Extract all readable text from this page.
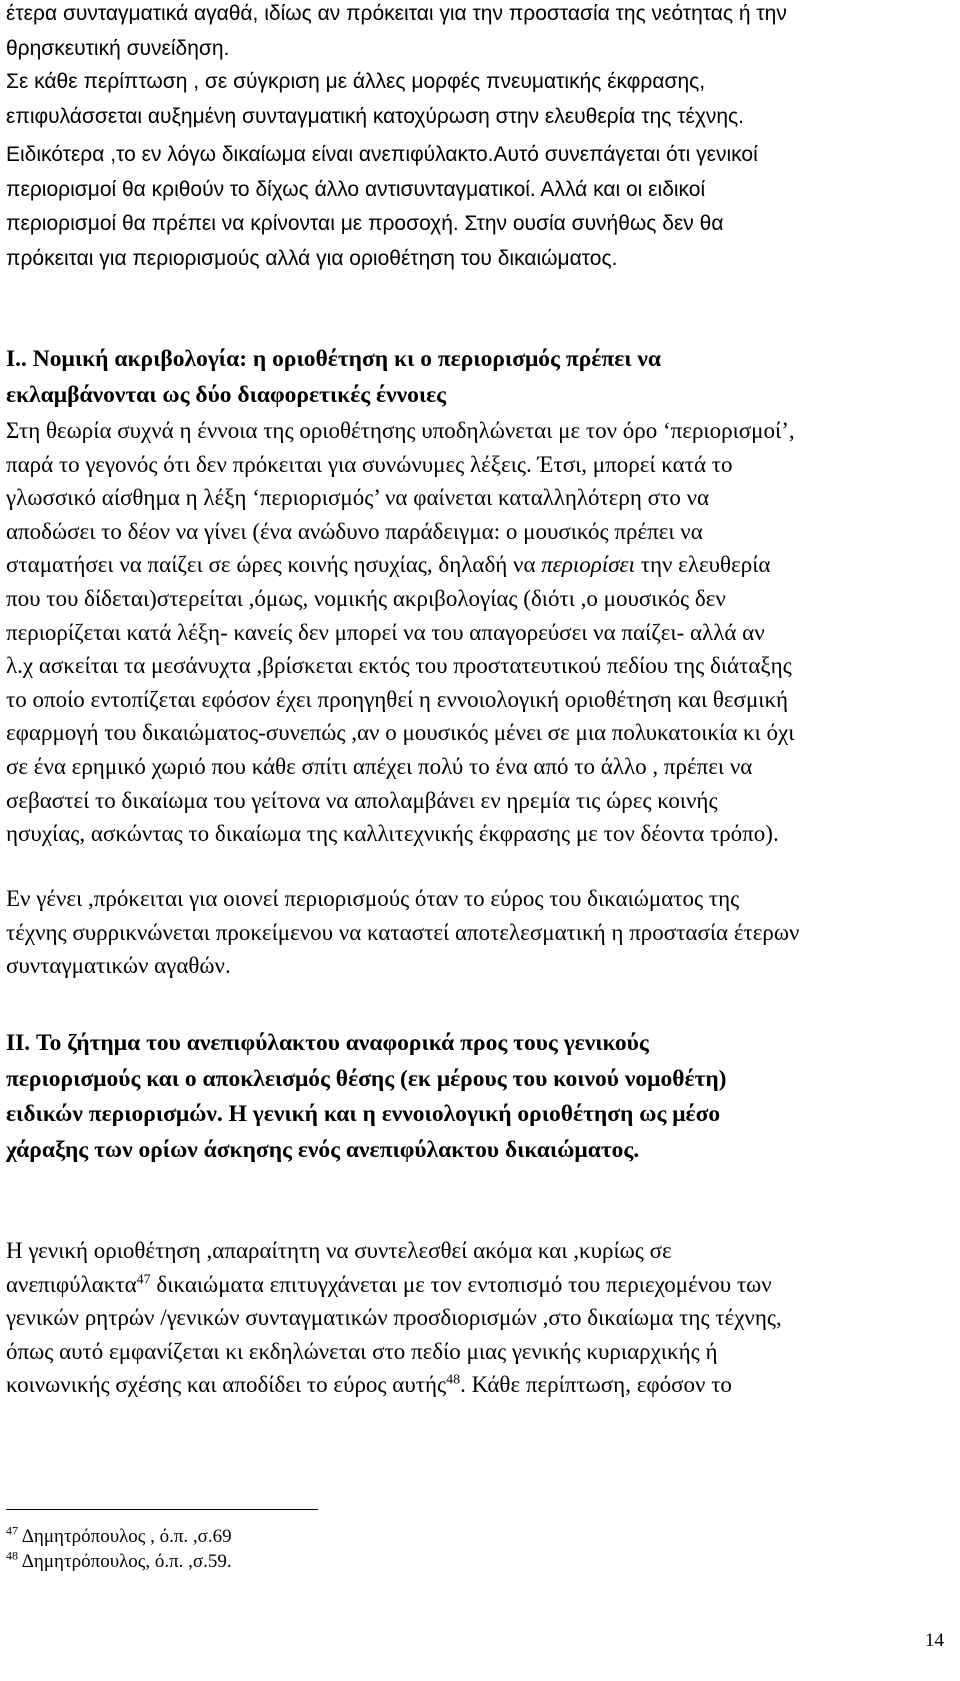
έτερα συνταγματικά αγαθά, ιδίως αν πρόκειται για την προστασία της νεότητας ή την
θρησκευτική συνείδηση.
Σε κάθε περίπτωση , σε σύγκριση με άλλες μορφές πνευματικής έκφρασης,
επιφυλάσσεται αυξημένη συνταγματική κατοχύρωση στην ελευθερία της τέχνης.
Ειδικότερα ,το εν λόγω δικαίωμα είναι ανεπιφύλακτο.Αυτό συνεπάγεται ότι γενικοί
περιορισμοί θα κριθούν το δίχως άλλο αντισυνταγματικοί. Αλλά και οι ειδικοί
περιορισμοί θα πρέπει να κρίνονται με προσοχή. Στην ουσία συνήθως δεν θα
πρόκειται για περιορισμούς αλλά για οριοθέτηση του δικαιώματος.
I.. Νομική ακριβολογία: η οριοθέτηση κι ο περιορισμός πρέπει να
εκλαμβάνονται ως δύο διαφορετικές έννοιες
Στη θεωρία συχνά η έννοια της οριοθέτησης υποδηλώνεται με τον όρο ‘περιορισμοί’,
παρά το γεγονός ότι δεν πρόκειται για συνώνυμες λέξεις. Έτσι, μπορεί κατά το
γλωσσικό αίσθημα η λέξη ‘περιορισμός’ να φαίνεται καταλληλότερη στο να
αποδώσει το δέον να γίνει (ένα ανώδυνο παράδειγμα: ο μουσικός πρέπει να
σταματήσει να παίζει σε ώρες κοινής ησυχίας, δηλαδή να περιορίσει την ελευθερία
που του δίδεται)στερείται ,όμως, νομικής ακριβολογίας (διότι ,ο μουσικός δεν
περιορίζεται κατά λέξη- κανείς δεν μπορεί να του απαγορεύσει να παίζει- αλλά αν
λ.χ ασκείται τα μεσάνυχτα ,βρίσκεται εκτός του προστατευτικού πεδίου της διάταξης
το οποίο εντοπίζεται εφόσον έχει προηγηθεί η εννοιολογική οριοθέτηση και θεσμική
εφαρμογή του δικαιώματος-συνεπώς ,αν ο μουσικός μένει σε μια πολυκατοικία κι όχι
σε ένα ερημικό χωριό που κάθε σπίτι απέχει πολύ το ένα από το άλλο , πρέπει να
σεβαστεί το δικαίωμα του γείτονα να απολαμβάνει εν ηρεμία τις ώρες κοινής
ησυχίας, ασκώντας το δικαίωμα της καλλιτεχνικής έκφρασης με τον δέοντα τρόπο).
Εν γένει ,πρόκειται για οιονεί περιορισμούς όταν το εύρος του δικαιώματος της
τέχνης συρρικνώνεται προκείμενου να καταστεί αποτελεσματική η προστασία έτερων
συνταγματικών αγαθών.
II. Το ζήτημα του ανεπιφύλακτου αναφορικά προς τους γενικούς
περιορισμούς και ο αποκλεισμός θέσης (εκ μέρους του κοινού νομοθέτη)
ειδικών περιορισμών. Η γενική και η εννοιολογική οριοθέτηση ως μέσο
χάραξης των ορίων άσκησης ενός ανεπιφύλακτου δικαιώματος.
Η γενική οριοθέτηση ,απαραίτητη να συντελεσθεί ακόμα και ,κυρίως σε
ανεπιφύλακτα$^{47}$ δικαιώματα επιτυγχάνεται με τον εντοπισμό του περιεχομένου των
γενικών ρητρών /γενικών συνταγματικών προσδιορισμών ,στο δικαίωμα της τέχνης,
όπως αυτό εμφανίζεται κι εκδηλώνεται στο πεδίο μιας γενικής κυριαρχικής ή
κοινωνικής σχέσης και αποδίδει το εύρος αυτής$^{48}$. Κάθε περίπτωση, εφόσον το
$^{47}$ Δημητρόπουλος , ό.π. ,σ.69
$^{48}$ Δημητρόπουλος, ό.π. ,σ.59.
14
